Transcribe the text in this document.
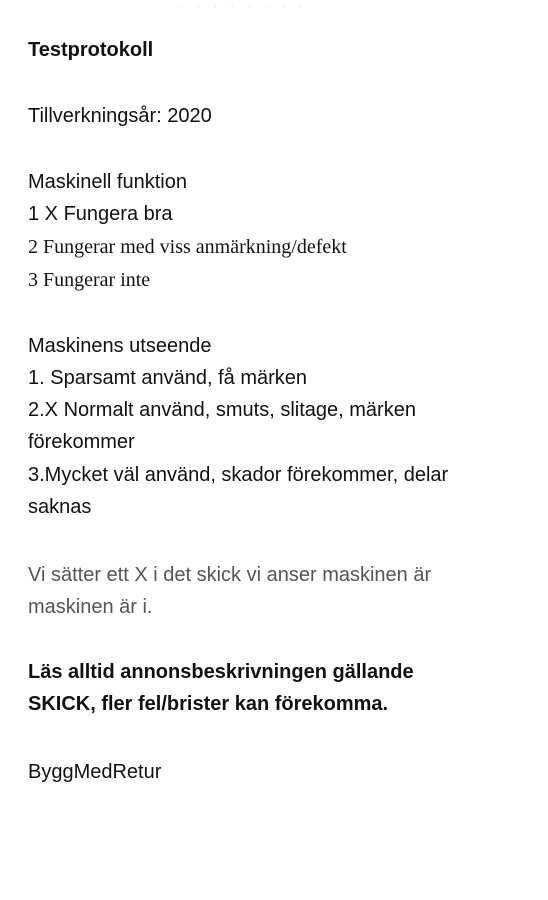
. . . . . . . .
Testprotokoll
Tillverkningsår: 2020
Maskinell funktion
1 X Fungera bra
2 Fungerar med viss anmärkning/defekt
3 Fungerar inte
Maskinens utseende
1. Sparsamt använd, få märken
2.X Normalt använd, smuts, slitage, märken
förekommer
3.Mycket väl använd, skador förekommer, delar
saknas
Vi sätter ett X i det skick vi anser maskinen är
maskinen är i.
Läs alltid annonsbeskrivningen gällande
SKICK, fler fel/brister kan förekomma.
ByggMedRetur
